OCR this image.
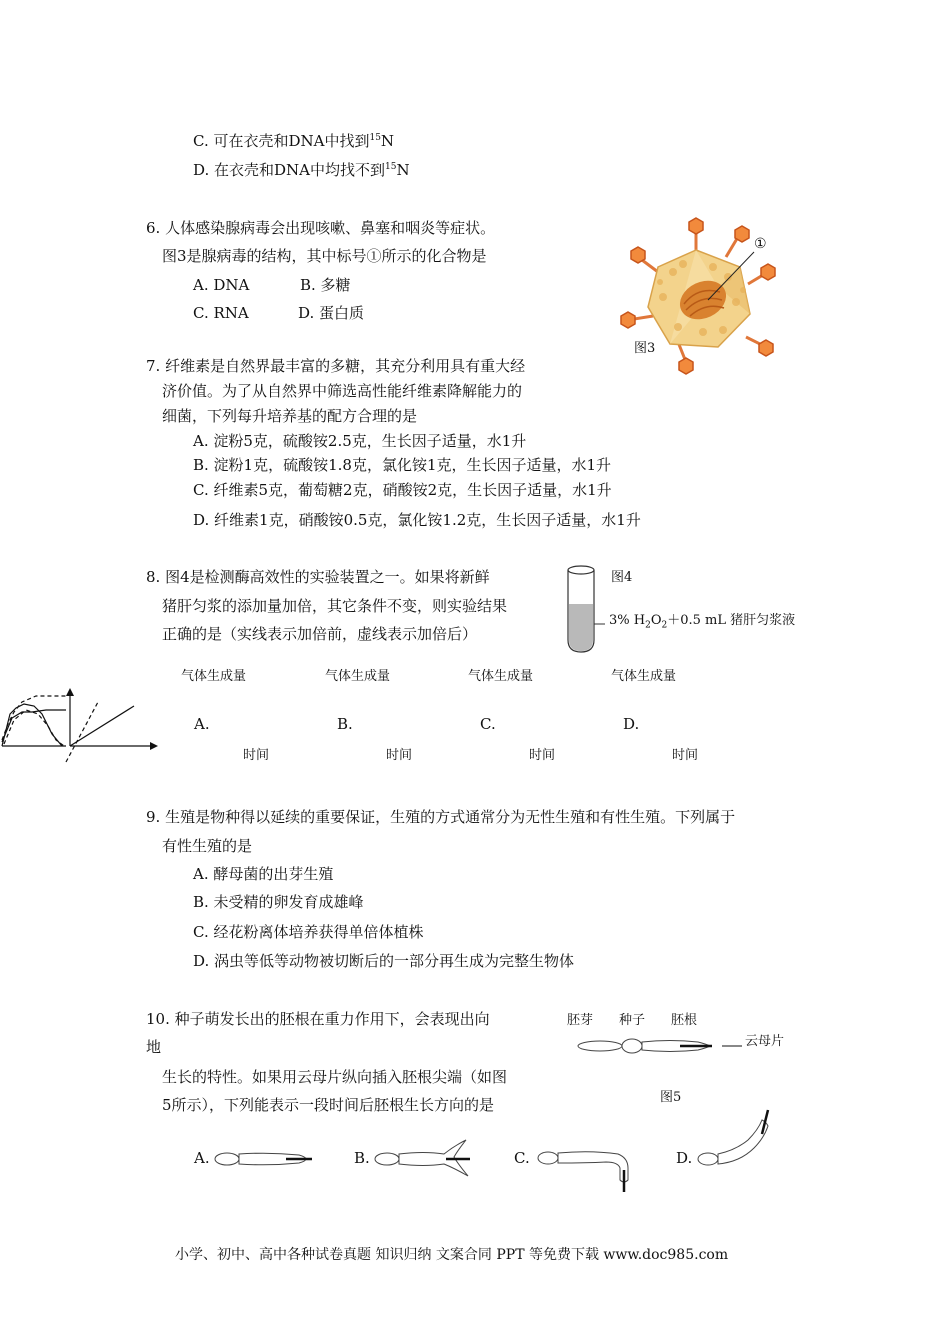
C. 可在衣壳和DNA中找到$^{15}$N
D. 在衣壳和DNA中均找不到$^{15}$N
6. 人体感染腺病毒会出现咳嗽、鼻塞和咽炎等症状。
图3是腺病毒的结构，其中标号①所示的化合物是
A. DNA	B. 多糖
C. RNA	D. 蛋白质
①
图3
7. 纤维素是自然界最丰富的多糖，其充分利用具有重大经
济价值。为了从自然界中筛选高性能纤维素降解能力的
细菌，下列每升培养基的配方合理的是
A. 淀粉5克，硫酸铵2.5克，生长因子适量，水1升
B. 淀粉1克，硫酸铵1.8克，氯化铵1克，生长因子适量，水1升
C. 纤维素5克，葡萄糖2克，硝酸铵2克，生长因子适量，水1升
D. 纤维素1克，硝酸铵0.5克，氯化铵1.2克，生长因子适量，水1升
8. 图4是检测酶高效性的实验装置之一。如果将新鲜
猪肝匀浆的添加量加倍，其它条件不变，则实验结果
正确的是（实线表示加倍前，虚线表示加倍后）
图4
3% $H_2O_2+0.5$ mL 猪肝匀浆液
气体生成量	气体生成量	气体生成量	气体生成量
A.	B.	C.	D.
时间	时间	时间	时间
9. 生殖是物种得以延续的重要保证，生殖的方式通常分为无性生殖和有性生殖。下列属于
有性生殖的是
A. 酵母菌的出芽生殖
B. 未受精的卵发育成雄峰
C. 经花粉离体培养获得单倍体植株
D. 涡虫等低等动物被切断后的一部分再生成为完整生物体
10. 种子萌发长出的胚根在重力作用下，会表现出向
地
生长的特性。如果用云母片纵向插入胚根尖端（如图
5所示），下列能表示一段时间后胚根生长方向的是
胚芽 种子 胚根
云母片
图5
A.	B.	C.	D.
小学、初中、高中各种试卷真题 知识归纳 文案合同 PPT 等免费下载 www.doc985.com
